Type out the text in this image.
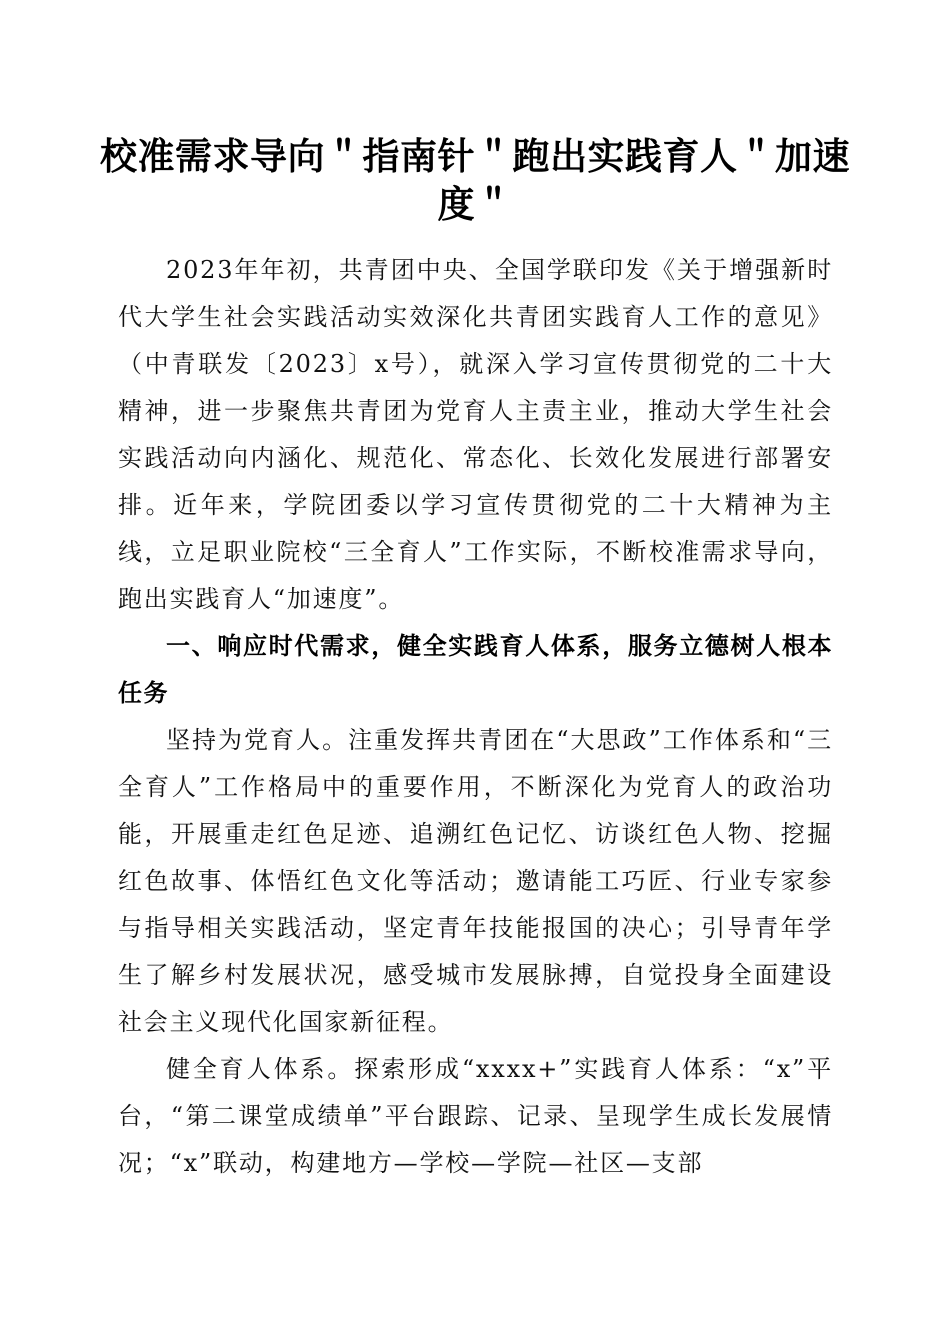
校准需求导向＂指南针＂跑出实践育人＂加速度＂

2023年年初，共青团中央、全国学联印发《关于增强新时代大学生社会实践活动实效深化共青团实践育人工作的意见》（中青联发〔2023〕x号），就深入学习宣传贯彻党的二十大精神，进一步聚焦共青团为党育人主责主业，推动大学生社会实践活动向内涵化、规范化、常态化、长效化发展进行部署安排。近年来，学院团委以学习宣传贯彻党的二十大精神为主线，立足职业院校“三全育人”工作实际，不断校准需求导向，跑出实践育人“加速度”。

一、响应时代需求，健全实践育人体系，服务立德树人根本任务

坚持为党育人。注重发挥共青团在“大思政”工作体系和“三全育人”工作格局中的重要作用，不断深化为党育人的政治功能，开展重走红色足迹、追溯红色记忆、访谈红色人物、挖掘红色故事、体悟红色文化等活动；邀请能工巧匠、行业专家参与指导相关实践活动，坚定青年技能报国的决心；引导青年学生了解乡村发展状况，感受城市发展脉搏，自觉投身全面建设社会主义现代化国家新征程。

健全育人体系。探索形成“xxxx+”实践育人体系：“x”平台，“第二课堂成绩单”平台跟踪、记录、呈现学生成长发展情况；“x”联动，构建地方—学校—学院—社区—支部
